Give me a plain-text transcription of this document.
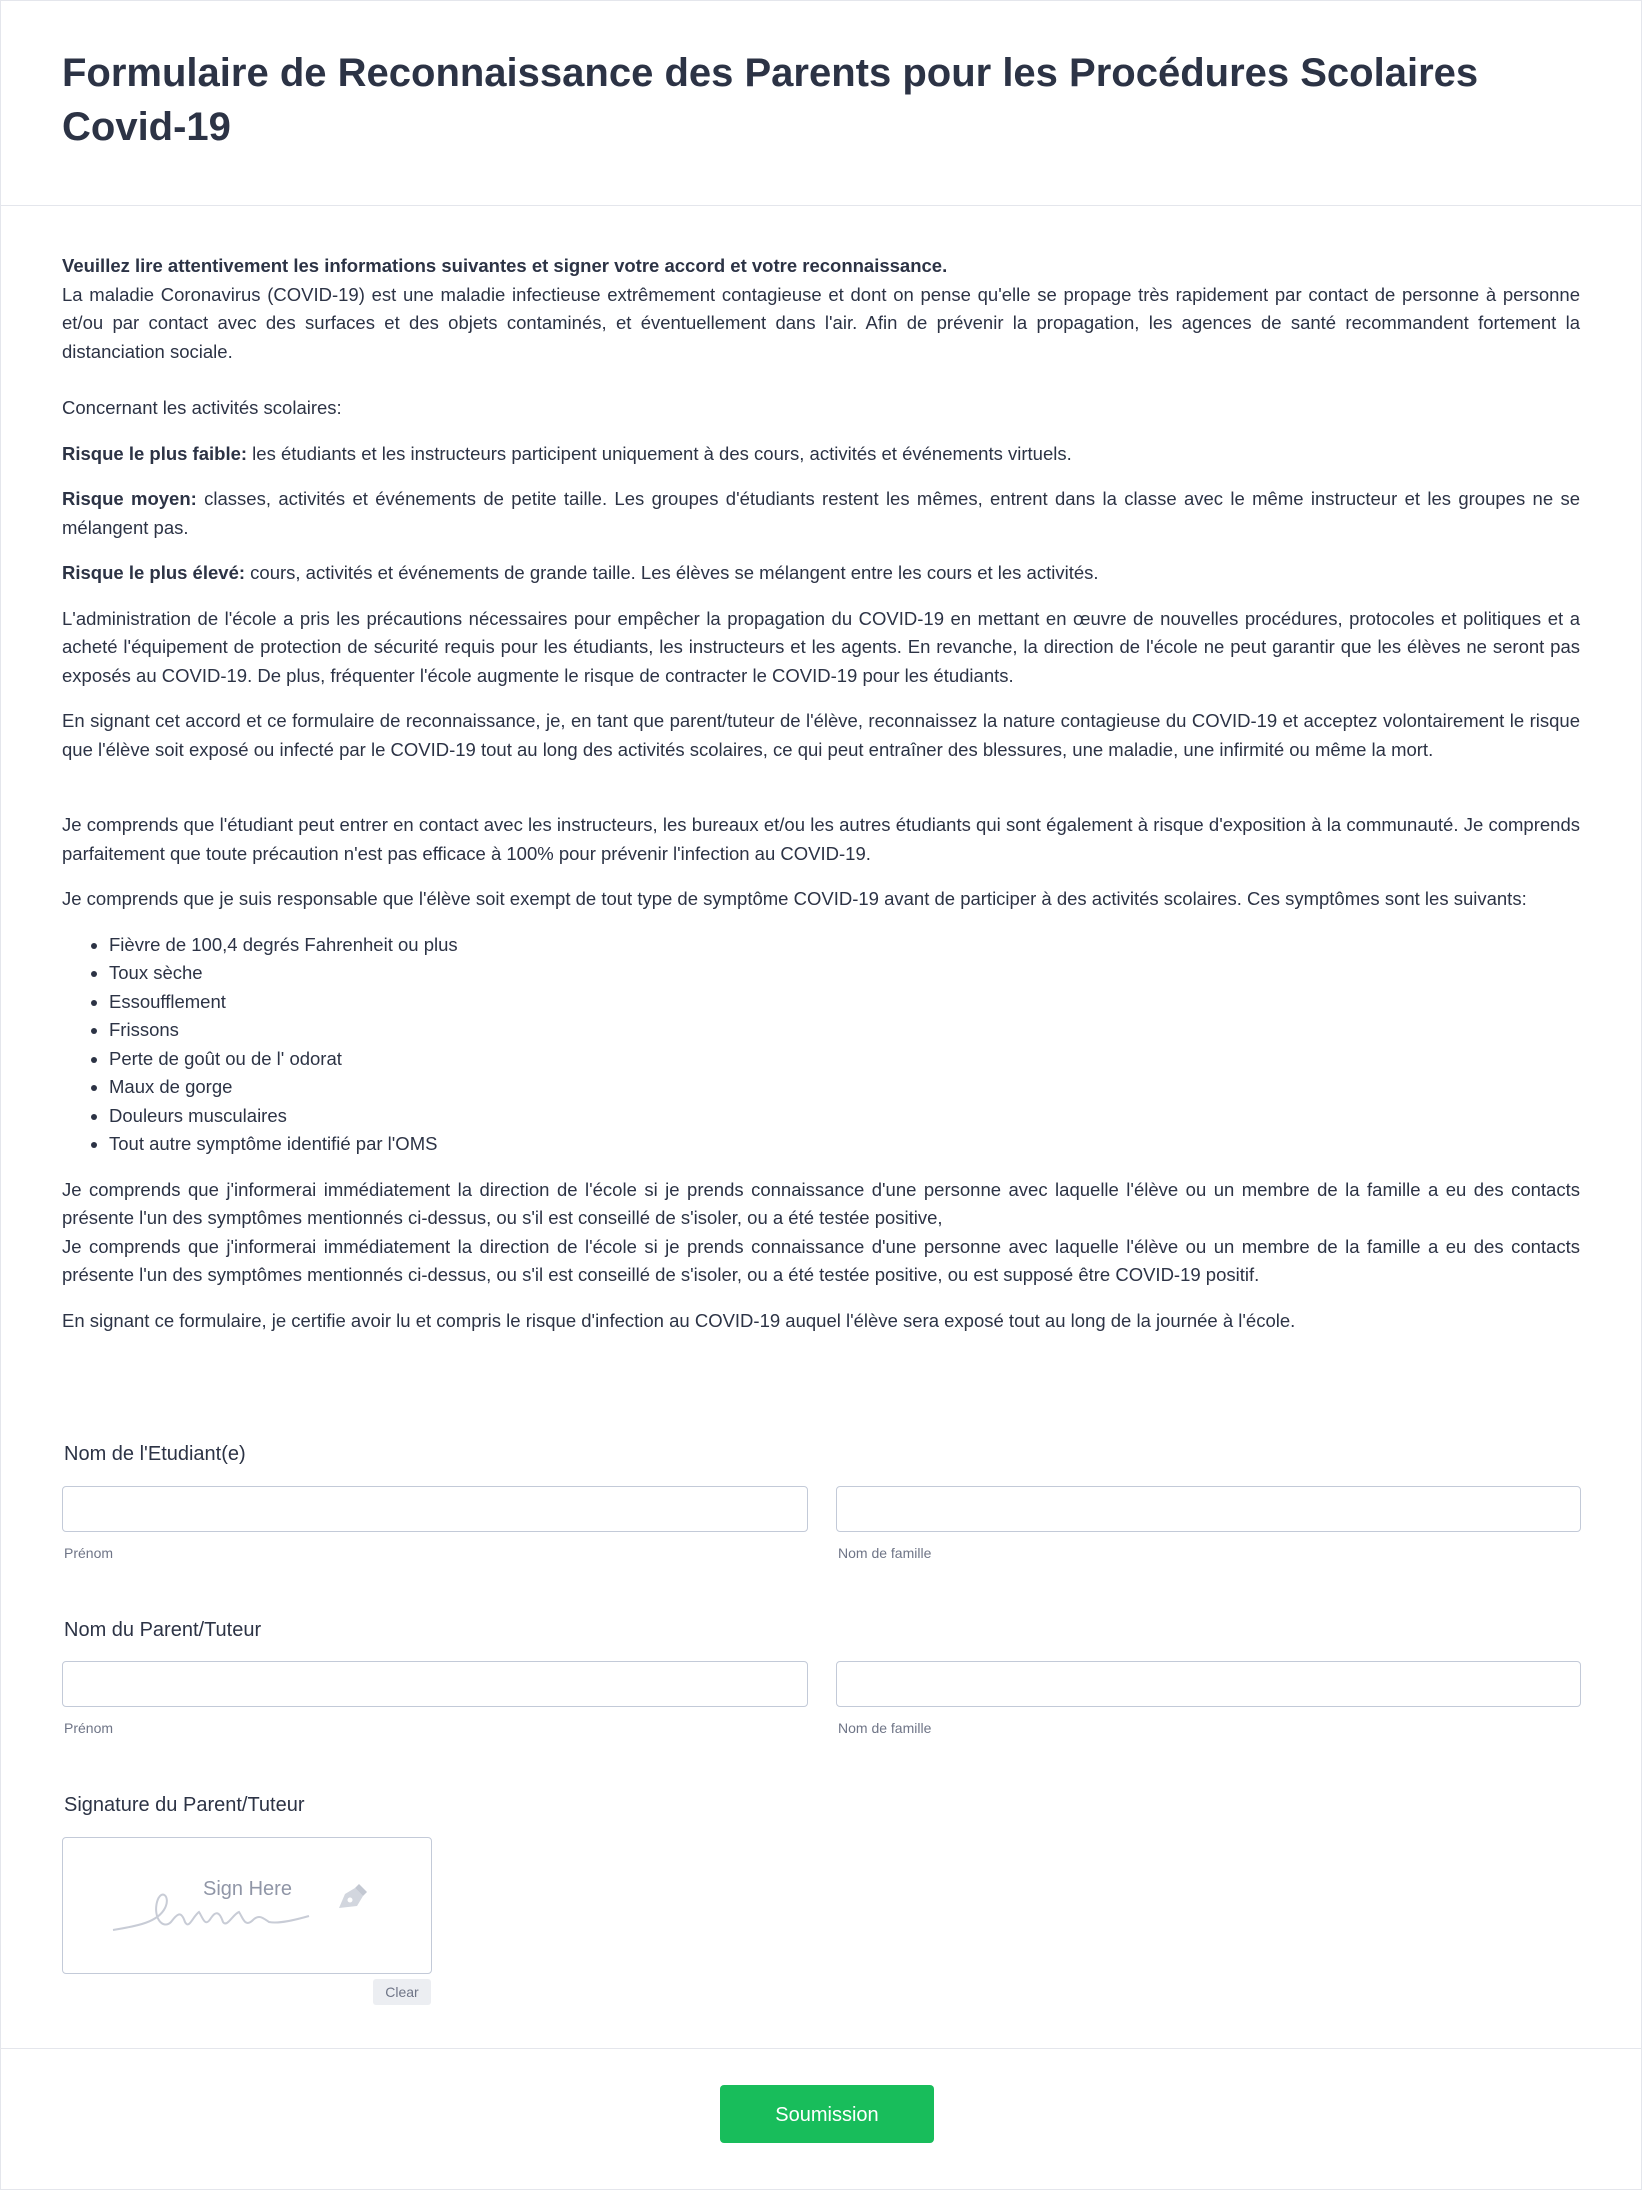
Formulaire de Reconnaissance des Parents pour les Procédures Scolaires Covid-19

Veuillez lire attentivement les informations suivantes et signer votre accord et votre reconnaissance.
La maladie Coronavirus (COVID-19) est une maladie infectieuse extrêmement contagieuse et dont on pense qu'elle se propage très rapidement par contact de personne à personne et/ou par contact avec des surfaces et des objets contaminés, et éventuellement dans l'air. Afin de prévenir la propagation, les agences de santé recommandent fortement la distanciation sociale.

Concernant les activités scolaires:

Risque le plus faible: les étudiants et les instructeurs participent uniquement à des cours, activités et événements virtuels.

Risque moyen: classes, activités et événements de petite taille. Les groupes d'étudiants restent les mêmes, entrent dans la classe avec le même instructeur et les groupes ne se mélangent pas.

Risque le plus élevé: cours, activités et événements de grande taille. Les élèves se mélangent entre les cours et les activités.

L'administration de l'école a pris les précautions nécessaires pour empêcher la propagation du COVID-19 en mettant en œuvre de nouvelles procédures, protocoles et politiques et a acheté l'équipement de protection de sécurité requis pour les étudiants, les instructeurs et les agents. En revanche, la direction de l'école ne peut garantir que les élèves ne seront pas exposés au COVID-19. De plus, fréquenter l'école augmente le risque de contracter le COVID-19 pour les étudiants.

En signant cet accord et ce formulaire de reconnaissance, je, en tant que parent/tuteur de l'élève, reconnaissez la nature contagieuse du COVID-19 et acceptez volontairement le risque que l'élève soit exposé ou infecté par le COVID-19 tout au long des activités scolaires, ce qui peut entraîner des blessures, une maladie, une infirmité ou même la mort.

Je comprends que l'étudiant peut entrer en contact avec les instructeurs, les bureaux et/ou les autres étudiants qui sont également à risque d'exposition à la communauté. Je comprends parfaitement que toute précaution n'est pas efficace à 100% pour prévenir l'infection au COVID-19.

Je comprends que je suis responsable que l'élève soit exempt de tout type de symptôme COVID-19 avant de participer à des activités scolaires. Ces symptômes sont les suivants:

• Fièvre de 100,4 degrés Fahrenheit ou plus
• Toux sèche
• Essoufflement
• Frissons
• Perte de goût ou de l' odorat
• Maux de gorge
• Douleurs musculaires
• Tout autre symptôme identifié par l'OMS

Je comprends que j'informerai immédiatement la direction de l'école si je prends connaissance d'une personne avec laquelle l'élève ou un membre de la famille a eu des contacts présente l'un des symptômes mentionnés ci-dessus, ou s'il est conseillé de s'isoler, ou a été testée positive,
Je comprends que j'informerai immédiatement la direction de l'école si je prends connaissance d'une personne avec laquelle l'élève ou un membre de la famille a eu des contacts présente l'un des symptômes mentionnés ci-dessus, ou s'il est conseillé de s'isoler, ou a été testée positive, ou est supposé être COVID-19 positif.

En signant ce formulaire, je certifie avoir lu et compris le risque d'infection au COVID-19 auquel l'élève sera exposé tout au long de la journée à l'école.

Nom de l'Etudiant(e)
Prénom	Nom de famille
Nom du Parent/Tuteur
Prénom	Nom de famille
Signature du Parent/Tuteur
Sign Here
Clear
Soumission
